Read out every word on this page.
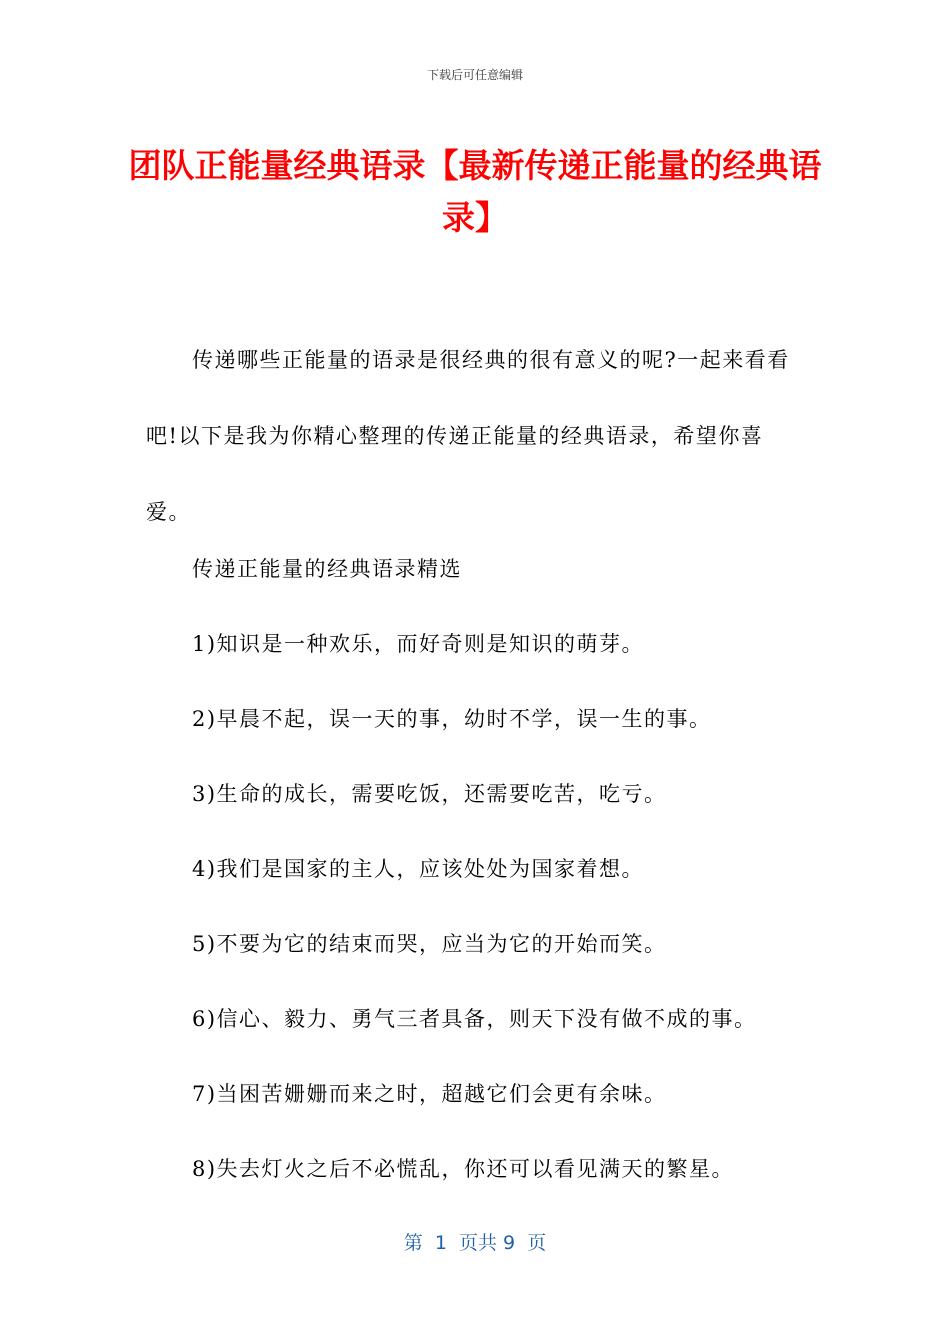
下载后可任意编辑
团队正能量经典语录【最新传递正能量的经典语录】

传递哪些正能量的语录是很经典的很有意义的呢?一起来看看吧!以下是我为你精心整理的传递正能量的经典语录，希望你喜爱。

传递正能量的经典语录精选
1)知识是一种欢乐，而好奇则是知识的萌芽。
2)早晨不起，误一天的事，幼时不学，误一生的事。
3)生命的成长，需要吃饭，还需要吃苦，吃亏。
4)我们是国家的主人，应该处处为国家着想。
5)不要为它的结束而哭，应当为它的开始而笑。
6)信心、毅力、勇气三者具备，则天下没有做不成的事。
7)当困苦姗姗而来之时，超越它们会更有余味。
8)失去灯火之后不必慌乱，你还可以看见满天的繁星。
第  1  页共 9  页
